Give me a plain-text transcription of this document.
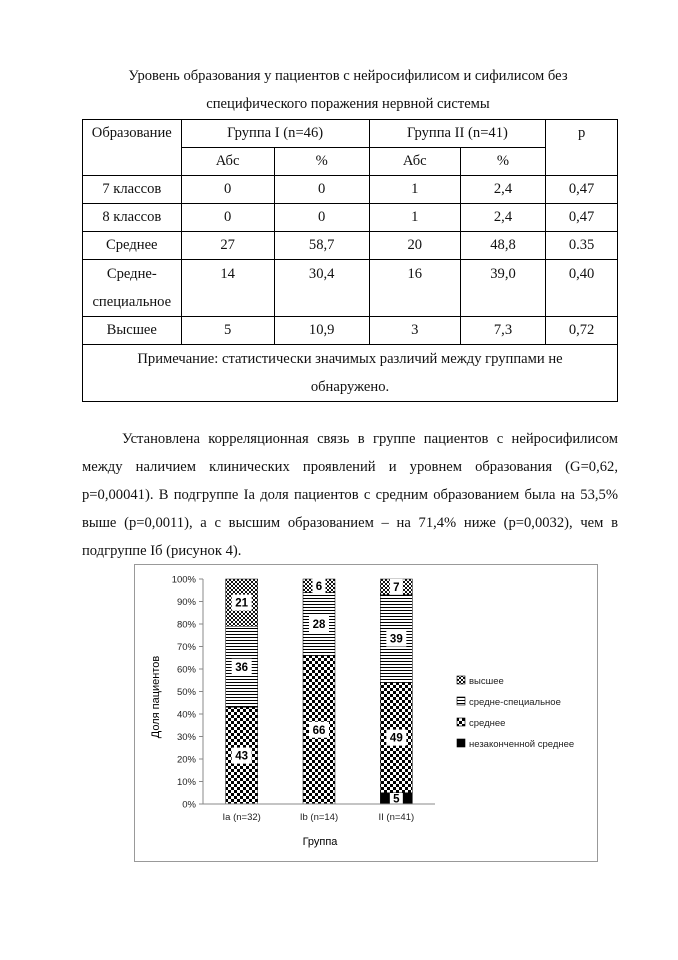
Уровень образования у пациентов с нейросифилисом и сифилисом без
специфического поражения нервной системы
Образование	Группа I (n=46)		Группа II (n=41)		p
	Абс	%	Абс	%	
7 классов	0	0	1	2,4	0,47
8 классов	0	0	1	2,4	0,47
Среднее	27	58,7	20	48,8	0.35

Средне-
специальное	14	30,4	16	39,0	0,40
Высшее	5	10,9	3	7,3	0,72

Примечание: статистически значимых различий между группами не
обнаружено.					
Установлена корреляционная связь в группе пациентов с нейросифилисом между наличием клинических проявлений и уровнем образования (G=0,62, p=0,00041). В подгруппе Ia доля пациентов с средним образованием была на 53,5% выше (p=0,0011), а с высшим образованием – на 71,4% ниже (p=0,0032), чем в подгруппе Iб (рисунок 4).
0%
10%
20%
30%
40%
50%
60%
70%
80%
90%
100%
43
36
21
66
28
6
5
49
39
7
Ia (n=32)	Ib (n=14)	II (n=41)
высшее
средне-специальное
среднее
незаконченной среднее
Доля пациентов
Группа
